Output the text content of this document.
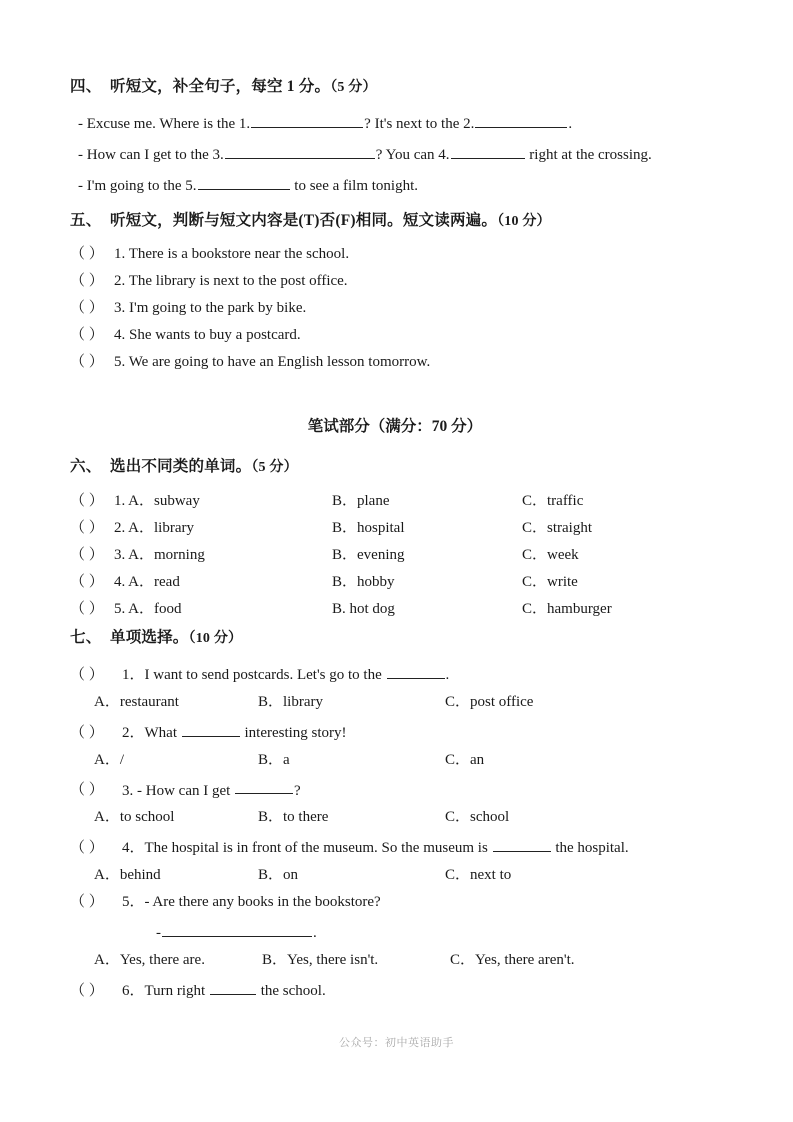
四、 听短文，补全句子，每空 1 分。（5 分）
- Excuse me. Where is the 1.	? It's next to the 2.	.
- How can I get to the 3.	? You can 4.	right at the crossing.
- I'm going to the 5.	to see a film tonight.
五、 听短文，判断与短文内容是(T)否(F)相同。短文读两遍。（10 分）
（ ） 1. There is a bookstore near the school.
（ ） 2. The library is next to the post office.
（ ） 3. I'm going to the park by bike.
（ ） 4. She wants to buy a postcard.
（ ） 5. We are going to have an English lesson tomorrow.
笔试部分（满分：70 分）
六、 选出不同类的单词。（5 分）
（ ） 1. A．subway	B．plane	C．traffic
（ ） 2. A．library	B．hospital	C．straight
（ ） 3. A．morning	B．evening	C．week
（ ） 4. A．read	B．hobby	C．write
（ ） 5. A．food	B. hot dog	C．hamburger
七、 单项选择。（10 分）
（ ） 1．I want to send postcards. Let's go to the	.
A．restaurant	B．library	C．post office
（ ） 2．What	interesting story!
A．/	B．a	C．an
（ ） 3. - How can I get	?
A．to school	B．to there	C．school
（ ） 4．The hospital is in front of the museum. So the museum is	the hospital.
A．behind	B．on	C．next to
（ ） 5．- Are there any books in the bookstore?
-	.
A．Yes, there are.	B．Yes, there isn't.	C．Yes, there aren't.
（ ） 6．Turn right	the school.
公众号：初中英语助手
